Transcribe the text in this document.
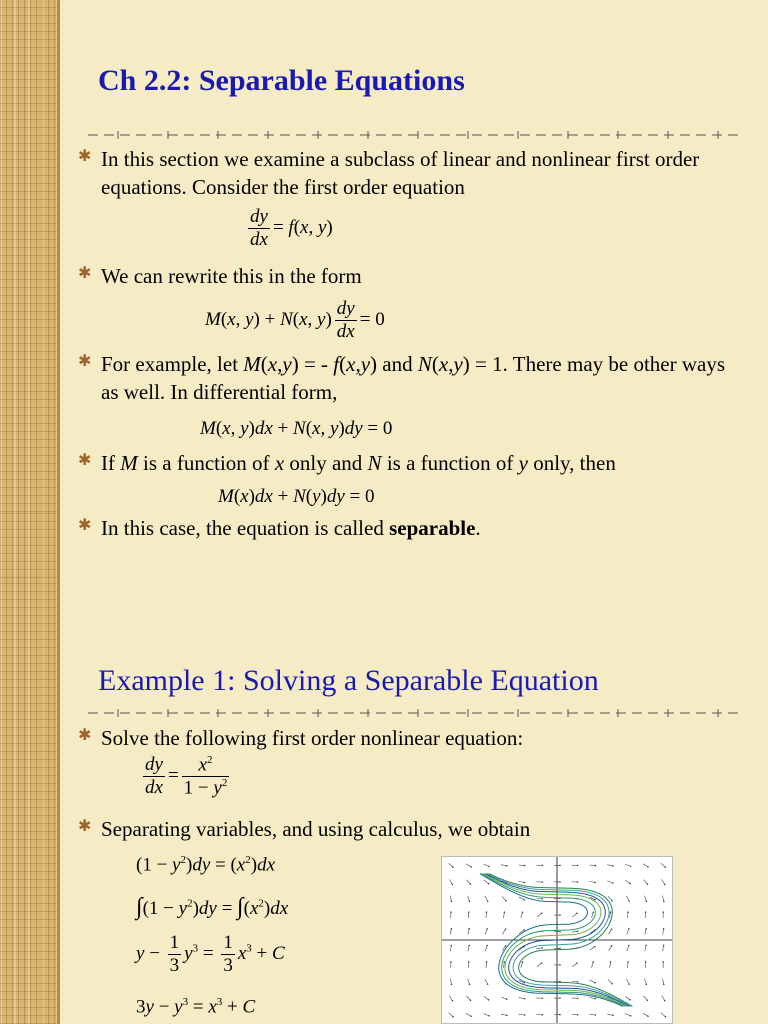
Ch 2.2: Separable Equations
✱ In this section we examine a subclass of linear and nonlinear first order equations. Consider the first order equation
$\frac{dy}{dx} = f(x$, y)
✱ We can rewrite this in the form
M(x, y) + N(x, $y) \frac{dy}{dx} = 0$
✱ For example, let M(x,y) = - f(x,y) and N(x,y) = 1. There may be other ways as well. In differential form,
M(x, y)dx + N(x, y)dy = 0
✱ If M is a function of x only and N is a function of y only, then
M(x)dx + N(y)dy = 0
✱ In this case, the equation is called separable.
Example 1: Solving a Separable Equation
✱ Solve the following first order nonlinear equation:
$\frac{dy}{dx} = \frac{x^2}{1 - y^2}$
✱ Separating variables, and using calculus, we obtain
$(1 - y^2)dy = (x^2)dx$
$\int(1 - y^2)dy = \int(x^2)dx$
$y - \frac{1}{3} y^3 = \frac{1}{3} x^3 + C$
$3y - y^3 = x^3 + C$
